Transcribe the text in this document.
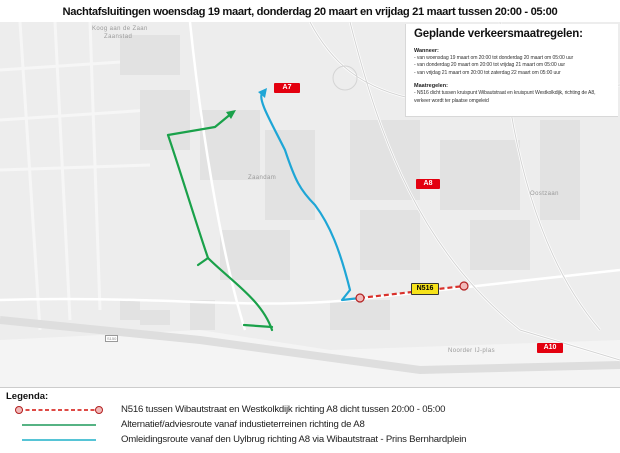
Nachtafsluitingen woensdag 19 maart, donderdag 20 maart en vrijdag 21 maart tussen 20:00 - 05:00
Koog aan de Zaan
Zaanstad
Zaandam
Oostzaan
Noorder IJ-plas
S150
A7
A8
A10
N516
Geplande verkeersmaatregelen:
Wanneer:
- van woensdag 19 maart om 20:00 tot donderdag 20 maart om 05:00 uur
- van donderdag 20 maart om 20:00 tot vrijdag 21 maart om 05:00 uur
- van vrijdag 21 maart om 20:00 tot zaterdag 22 maart om 05:00 uur
Maatregelen:
- N516 dicht tussen kruispunt Wibautstraat en kruispunt Westkolkdijk, richting de A8, verkeer wordt ter plaatse omgeleid
Legenda:
N516 tussen Wibautstraat en Westkolkdijk richting A8 dicht tussen 20:00 - 05:00
Alternatief/adviesroute vanaf industieterreinen richting de A8
Omleidingsroute vanaf den Uylbrug richting A8 via Wibautstraat - Prins Bernhardplein
